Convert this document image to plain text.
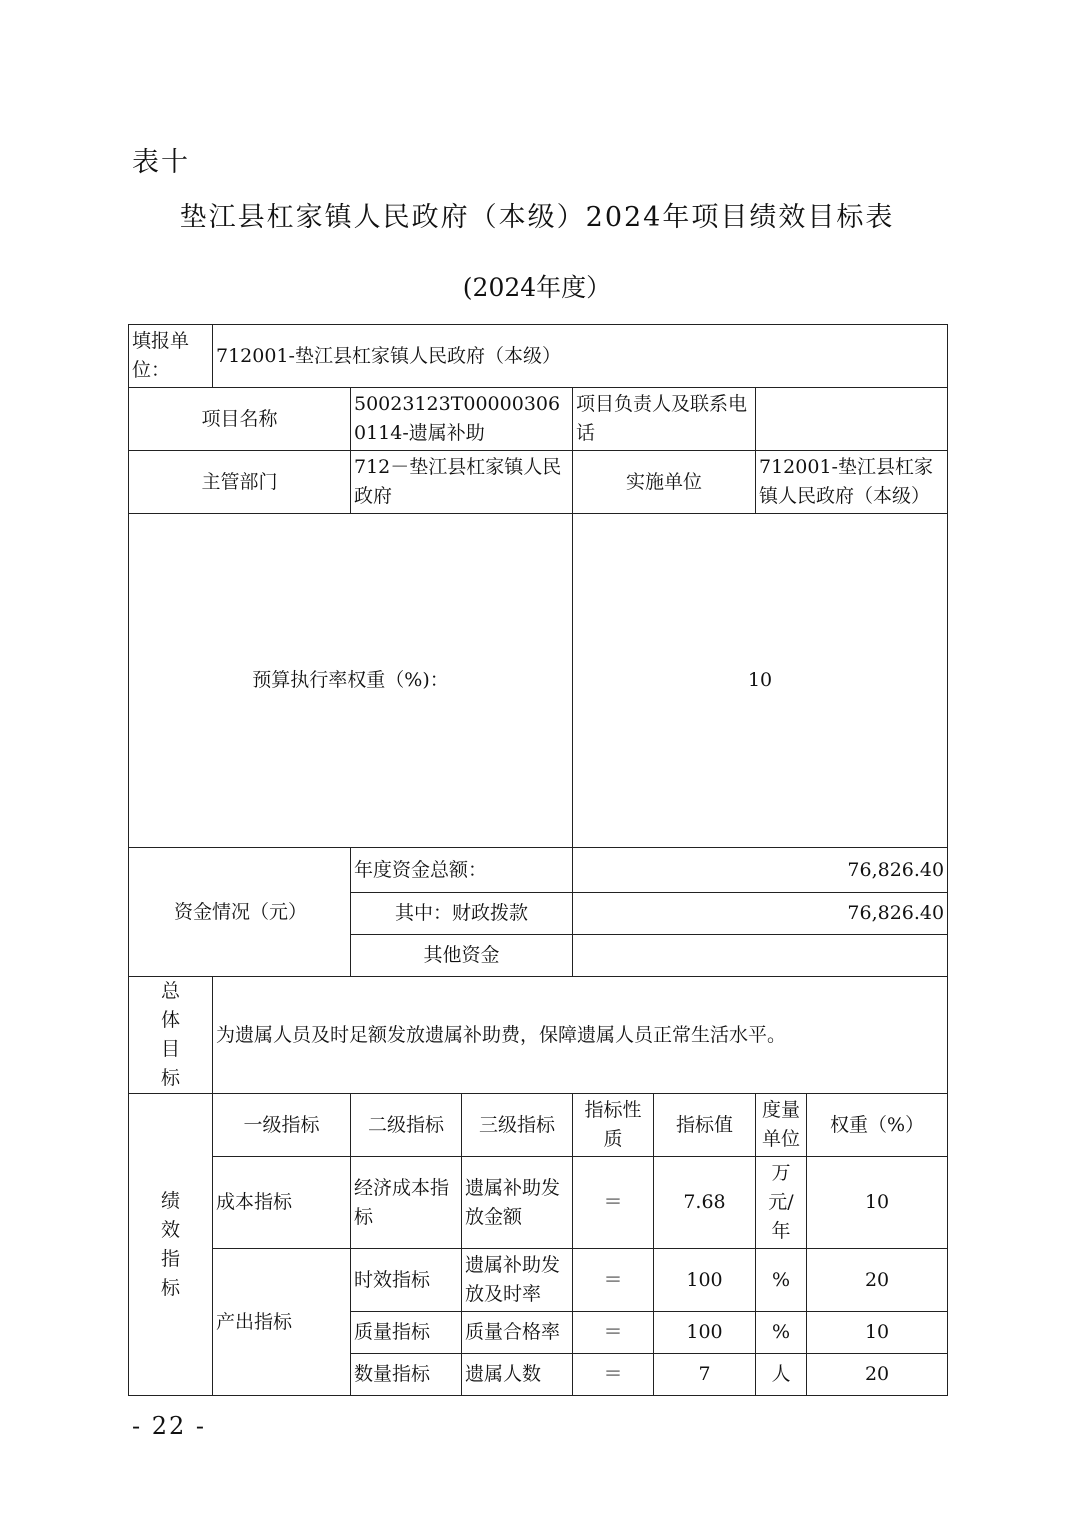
表十
垫江县杠家镇人民政府（本级）2024年项目绩效目标表
(2024年度）
填报单位：	712001-垫江县杠家镇人民政府（本级）						
项目名称		50023123T000003060114-遗属补助		项目负责人及联系电话			
主管部门		712－垫江县杠家镇人民政府		实施单位		712001-垫江县杠家镇人民政府（本级）	
预算执行率权重（%)：				10			
资金情况（元）		年度资金总额：		76,826.40			
		其中：财政拨款		76,826.40			
		其他资金					
总体目标	为遗属人员及时足额发放遗属补助费，保障遗属人员正常生活水平。						
绩效指标	一级指标	二级指标	三级指标	指标性质	指标值	度量单位	权重（%）
	成本指标	经济成本指标	遗属补助发放金额	＝	7.68	万元/年	10
	产出指标	时效指标	遗属补助发放及时率	＝	100	%	20
		质量指标	质量合格率	＝	100	%	10
		数量指标	遗属人数	＝	7	人	20
- 22 -
